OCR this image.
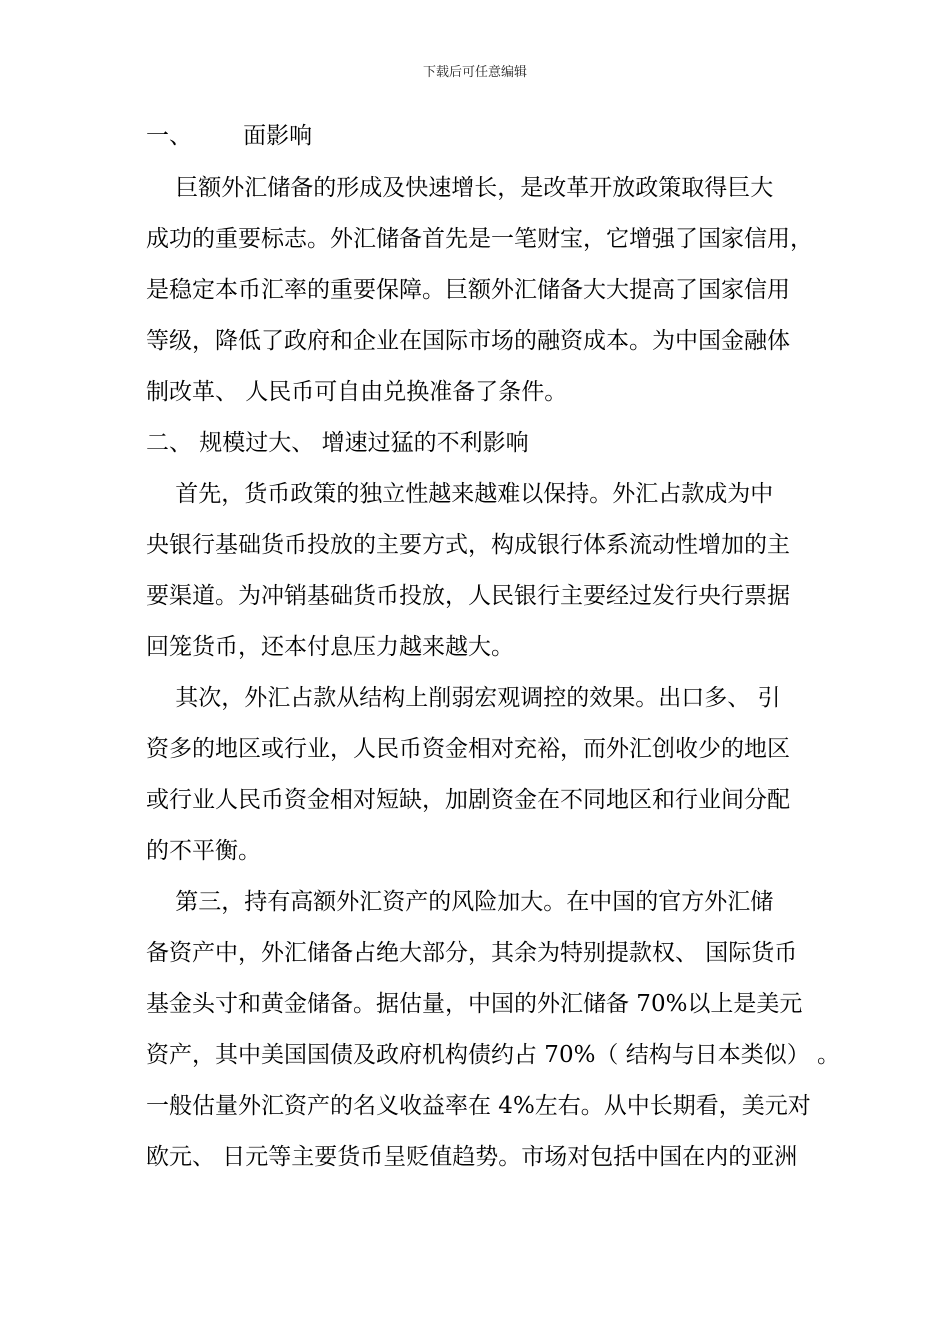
下载后可任意编辑
一、       面影响
巨额外汇储备的形成及快速增长，是改革开放政策取得巨大
成功的重要标志。外汇储备首先是一笔财宝，它增强了国家信用，
是稳定本币汇率的重要保障。巨额外汇储备大大提高了国家信用
等级，降低了政府和企业在国际市场的融资成本。为中国金融体
制改革、 人民币可自由兑换准备了条件。
二、 规模过大、 增速过猛的不利影响
首先，货币政策的独立性越来越难以保持。外汇占款成为中
央银行基础货币投放的主要方式，构成银行体系流动性增加的主
要渠道。为冲销基础货币投放，人民银行主要经过发行央行票据
回笼货币，还本付息压力越来越大。
其次，外汇占款从结构上削弱宏观调控的效果。出口多、 引
资多的地区或行业，人民币资金相对充裕，而外汇创收少的地区
或行业人民币资金相对短缺，加剧资金在不同地区和行业间分配
的不平衡。
第三，持有高额外汇资产的风险加大。在中国的官方外汇储
备资产中，外汇储备占绝大部分，其余为特别提款权、 国际货币
基金头寸和黄金储备。据估量，中国的外汇储备 70%以上是美元
资产，其中美国国债及政府机构债约占 70%（ 结构与日本类似） 。
一般估量外汇资产的名义收益率在 4%左右。从中长期看，美元对
欧元、 日元等主要货币呈贬值趋势。市场对包括中国在内的亚洲
